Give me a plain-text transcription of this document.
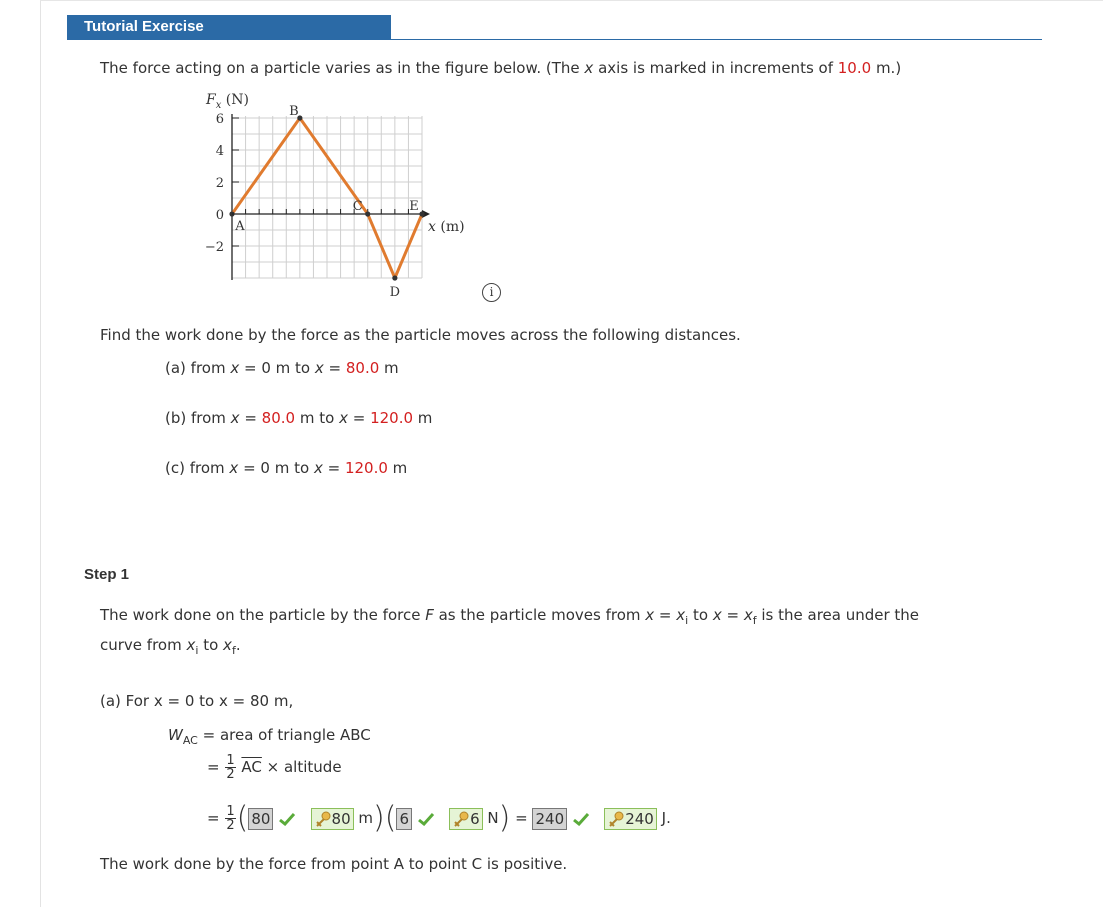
Tutorial Exercise
The force acting on a particle varies as in the figure below. (The x axis is marked in increments of 10.0 m.)
$F_x$ (N)
6
4
2
0
−2
A
B
C
D
E
x (m)
i
Find the work done by the force as the particle moves across the following distances.
(a) from x = 0 m to x = 80.0 m
(b) from x = 80.0 m to x = 120.0 m
(c) from x = 0 m to x = 120.0 m
Step 1
The work done on the particle by the force F as the particle moves from $x = x_i$ to $x = x_f$ is the area under the
curve from $x_i$ to $x_f$.
(a) For x = 0 to x = 80 m,
$W_{AC}$ = area of triangle ABC
= $\frac{1}{2} \overline{AC}$ × altitude
= $\frac{1}{2}$ ( 80	80 m)( 6	6 N) = 240	240 J.
The work done by the force from point A to point C is positive.
